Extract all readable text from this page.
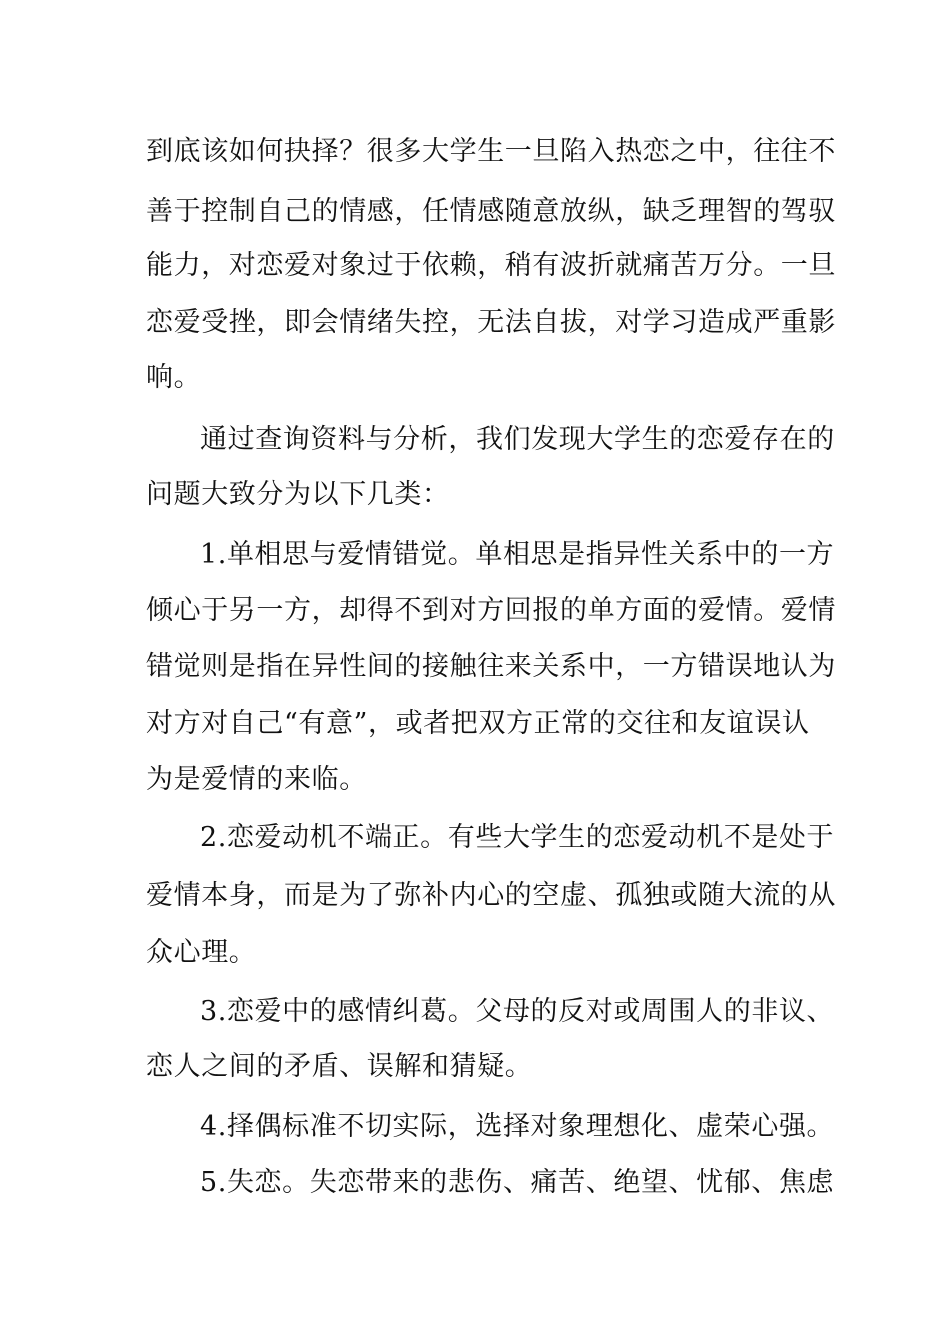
到底该如何抉择？很多大学生一旦陷入热恋之中，往往不
善于控制自己的情感，任情感随意放纵，缺乏理智的驾驭
能力，对恋爱对象过于依赖，稍有波折就痛苦万分。一旦
恋爱受挫，即会情绪失控，无法自拔，对学习造成严重影
响。
通过查询资料与分析，我们发现大学生的恋爱存在的
问题大致分为以下几类：
1.单相思与爱情错觉。单相思是指异性关系中的一方
倾心于另一方，却得不到对方回报的单方面的爱情。爱情
错觉则是指在异性间的接触往来关系中，一方错误地认为
对方对自己“有意”，或者把双方正常的交往和友谊误认
为是爱情的来临。
2.恋爱动机不端正。有些大学生的恋爱动机不是处于
爱情本身，而是为了弥补内心的空虚、孤独或随大流的从
众心理。
3.恋爱中的感情纠葛。父母的反对或周围人的非议、
恋人之间的矛盾、误解和猜疑。
4.择偶标准不切实际，选择对象理想化、虚荣心强。
5.失恋。失恋带来的悲伤、痛苦、绝望、忧郁、焦虑
